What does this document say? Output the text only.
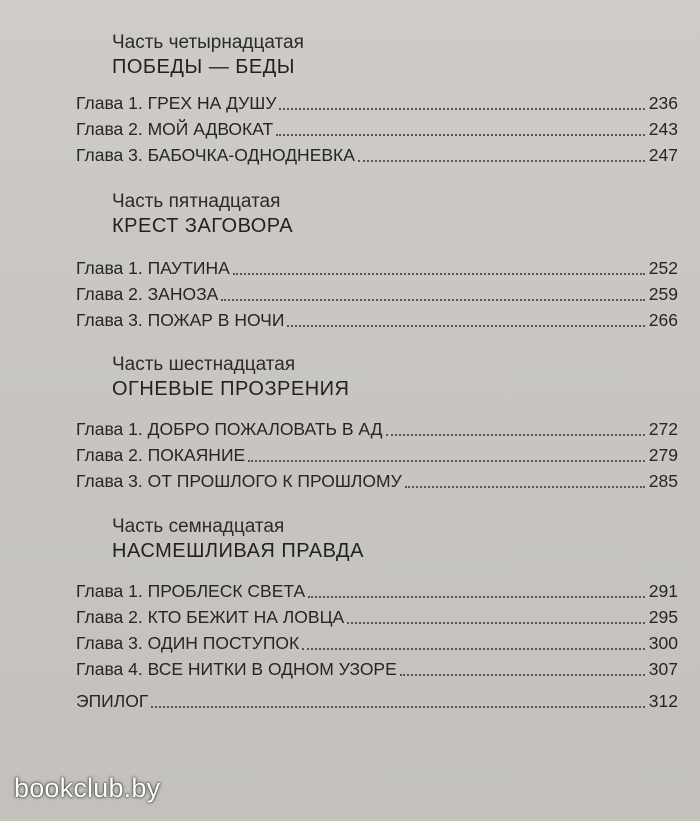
Часть четырнадцатая
ПОБЕДЫ — БЕДЫ
Глава 1. ГРЕХ НА ДУШУ	236
Глава 2. МОЙ АДВОКАТ	243
Глава 3. БАБОЧКА-ОДНОДНЕВКА	247
Часть пятнадцатая
КРЕСТ ЗАГОВОРА
Глава 1. ПАУТИНА	252
Глава 2. ЗАНОЗА	259
Глава 3. ПОЖАР В НОЧИ	266
Часть шестнадцатая
ОГНЕВЫЕ ПРОЗРЕНИЯ
Глава 1. ДОБРО ПОЖАЛОВАТЬ В АД	272
Глава 2. ПОКАЯНИЕ	279
Глава 3. ОТ ПРОШЛОГО К ПРОШЛОМУ	285
Часть семнадцатая
НАСМЕШЛИВАЯ ПРАВДА
Глава 1. ПРОБЛЕСК СВЕТА	291
Глава 2. КТО БЕЖИТ НА ЛОВЦА	295
Глава 3. ОДИН ПОСТУПОК	300
Глава 4. ВСЕ НИТКИ В ОДНОМ УЗОРЕ	307
ЭПИЛОГ	312
bookclub.by
